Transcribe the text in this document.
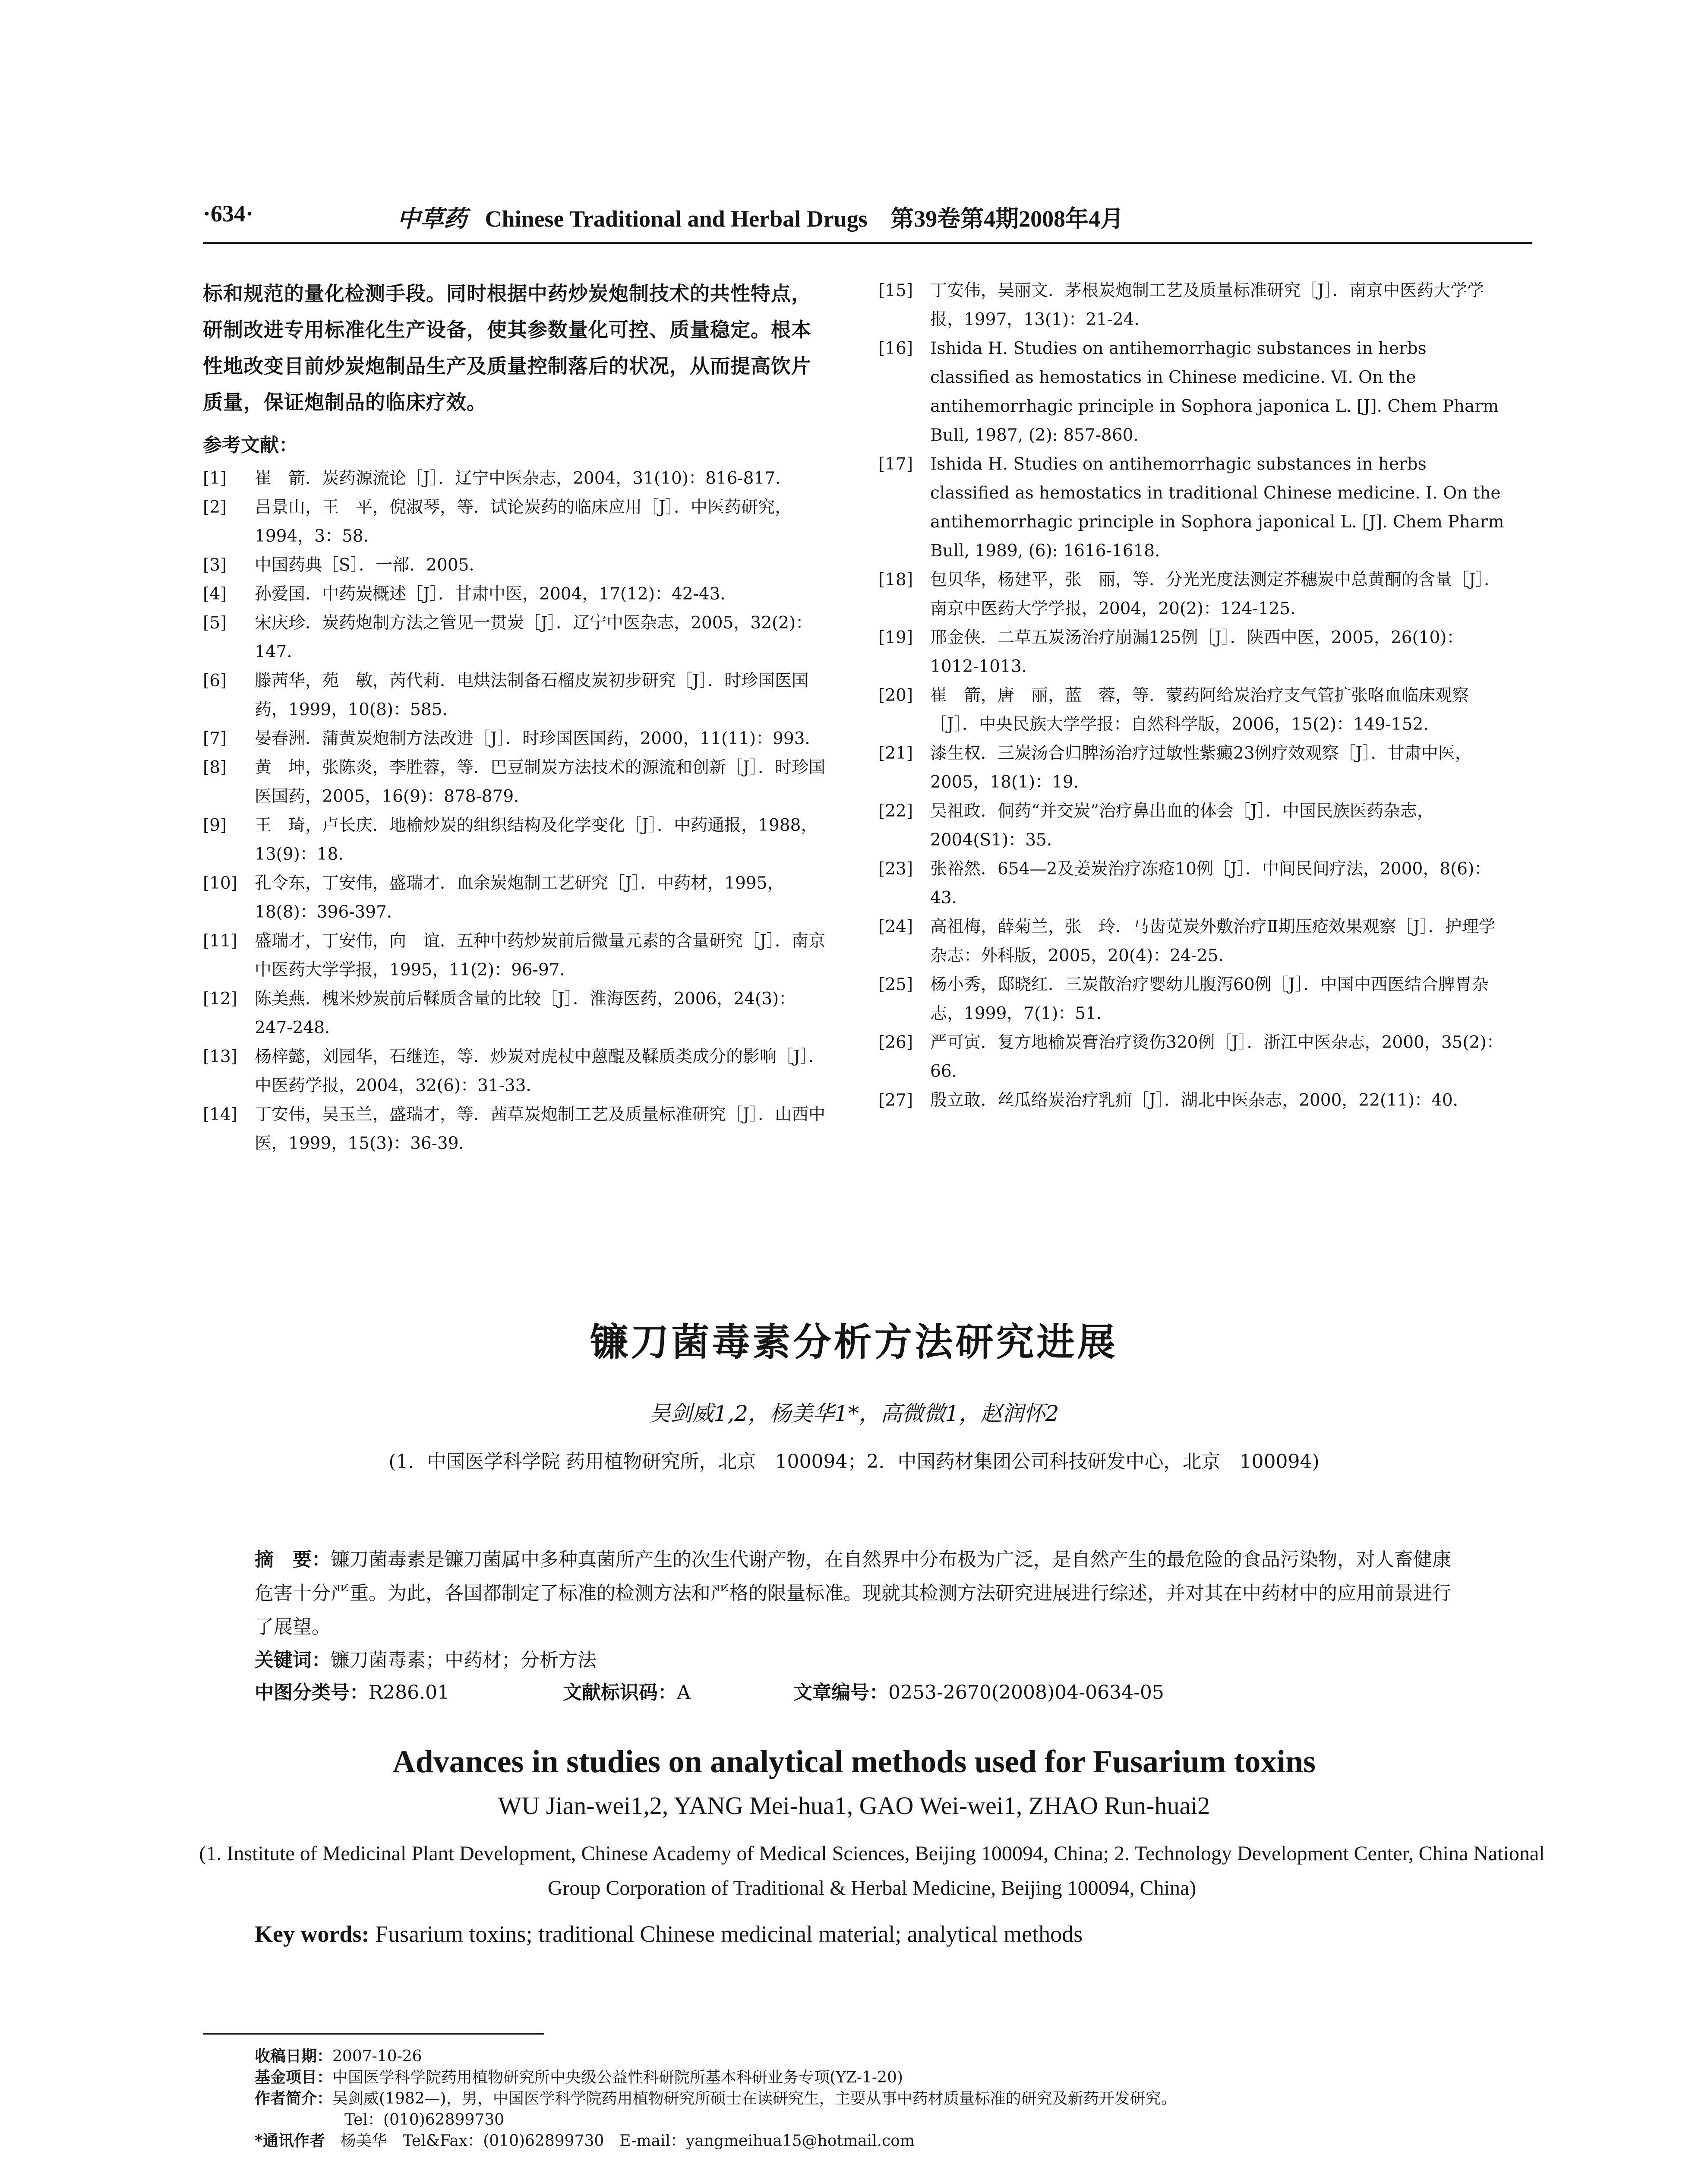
·634·	中草药 Chinese Traditional and Herbal Drugs 第39卷第4期2008年4月
标和规范的量化检测手段。同时根据中药炒炭炮制技术的共性特点，研制改进专用标准化生产设备，使其参数量化可控、质量稳定。根本性地改变目前炒炭炮制品生产及质量控制落后的状况，从而提高饮片质量，保证炮制品的临床疗效。
参考文献：
[1]	崔　箭．炭药源流论［J］．辽宁中医杂志，2004，31(10)：816-817．
[2]	吕景山，王　平，倪淑琴，等．试论炭药的临床应用［J］．中医药研究，1994，3：58．
[3]	中国药典［S］．一部．2005．
[4]	孙爱国．中药炭概述［J］．甘肃中医，2004，17(12)：42-43．
[5]	宋庆珍．炭药炮制方法之管见一贯炭［J］．辽宁中医杂志，2005，32(2)：147．
[6]	滕茜华，苑　敏，芮代莉．电烘法制备石榴皮炭初步研究［J］．时珍国医国药，1999，10(8)：585．
[7]	晏春洲．蒲黄炭炮制方法改进［J］．时珍国医国药，2000，11(11)：993．
[8]	黄　坤，张陈炎，李胜蓉，等．巴豆制炭方法技术的源流和创新［J］．时珍国医国药，2005，16(9)：878-879．
[9]	王　琦，卢长庆．地榆炒炭的组织结构及化学变化［J］．中药通报，1988，13(9)：18．
[10]	孔令东，丁安伟，盛瑞才．血余炭炮制工艺研究［J］．中药材，1995，18(8)：396-397．
[11]	盛瑞才，丁安伟，向　谊．五种中药炒炭前后微量元素的含量研究［J］．南京中医药大学学报，1995，11(2)：96-97．
[12]	陈美燕．槐米炒炭前后鞣质含量的比较［J］．淮海医药，2006，24(3)：247-248．
[13]	杨梓懿，刘园华，石继连，等．炒炭对虎杖中蒽醌及鞣质类成分的影响［J］．中医药学报，2004，32(6)：31-33．
[14]	丁安伟，吴玉兰，盛瑞才，等．茜草炭炮制工艺及质量标准研究［J］．山西中医，1999，15(3)：36-39．
[15]	丁安伟，吴丽文．茅根炭炮制工艺及质量标准研究［J］．南京中医药大学学报，1997，13(1)：21-24．
[16]	Ishida H. Studies on antihemorrhagic substances in herbs classified as hemostatics in Chinese medicine. Ⅵ. On the antihemorrhagic principle in Sophora japonica L. [J]. Chem Pharm Bull, 1987, (2): 857-860.
[17]	Ishida H. Studies on antihemorrhagic substances in herbs classified as hemostatics in traditional Chinese medicine. Ⅰ. On the antihemorrhagic principle in Sophora japonical L. [J]. Chem Pharm Bull, 1989, (6): 1616-1618.
[18]	包贝华，杨建平，张　丽，等．分光光度法测定芥穗炭中总黄酮的含量［J］．南京中医药大学学报，2004，20(2)：124-125．
[19]	邢金侠．二草五炭汤治疗崩漏125例［J］．陕西中医，2005，26(10)：1012-1013．
[20]	崔　箭，唐　丽，蓝　蓉，等．蒙药阿给炭治疗支气管扩张咯血临床观察［J］．中央民族大学学报：自然科学版，2006，15(2)：149-152．
[21]	漆生权．三炭汤合归脾汤治疗过敏性紫癜23例疗效观察［J］．甘肃中医，2005，18(1)：19．
[22]	吴祖政．侗药“并交炭”治疗鼻出血的体会［J］．中国民族医药杂志，2004(S1)：35．
[23]	张裕然．654—2及姜炭治疗冻疮10例［J］．中间民间疗法，2000，8(6)：43．
[24]	高祖梅，薛菊兰，张　玲．马齿苋炭外敷治疗Ⅱ期压疮效果观察［J］．护理学杂志：外科版，2005，20(4)：24-25．
[25]	杨小秀，邸晓红．三炭散治疗婴幼儿腹泻60例［J］．中国中西医结合脾胃杂志，1999，7(1)：51．
[26]	严可寅．复方地榆炭膏治疗烫伤320例［J］．浙江中医杂志，2000，35(2)：66．
[27]	殷立敢．丝瓜络炭治疗乳痈［J］．湖北中医杂志，2000，22(11)：40．
镰刀菌毒素分析方法研究进展
吴剑威1,2，杨美华1*，高微微1，赵润怀2
(1．中国医学科学院 药用植物研究所，北京　100094；2．中国药材集团公司科技研发中心，北京　100094)
摘　要：镰刀菌毒素是镰刀菌属中多种真菌所产生的次生代谢产物，在自然界中分布极为广泛，是自然产生的最危险的食品污染物，对人畜健康危害十分严重。为此，各国都制定了标准的检测方法和严格的限量标准。现就其检测方法研究进展进行综述，并对其在中药材中的应用前景进行了展望。
关键词：镰刀菌毒素；中药材；分析方法
中图分类号：R286.01	文献标识码：A	文章编号：0253-2670(2008)04-0634-05
Advances in studies on analytical methods used for Fusarium toxins
WU Jian-wei1,2, YANG Mei-hua1, GAO Wei-wei1, ZHAO Run-huai2
(1. Institute of Medicinal Plant Development, Chinese Academy of Medical Sciences, Beijing 100094, China; 2. Technology Development Center, China National Group Corporation of Traditional & Herbal Medicine, Beijing 100094, China)
Key words: Fusarium toxins; traditional Chinese medicinal material; analytical methods
收稿日期：2007-10-26
基金项目：中国医学科学院药用植物研究所中央级公益性科研院所基本科研业务专项(YZ-1-20)
作者简介：吴剑威(1982—)，男，中国医学科学院药用植物研究所硕士在读研究生，主要从事中药材质量标准的研究及新药开发研究。
Tel：(010)62899730
*通讯作者　 杨美华　Tel&Fax：(010)62899730　E-mail：yangmeihua15@hotmail.com
